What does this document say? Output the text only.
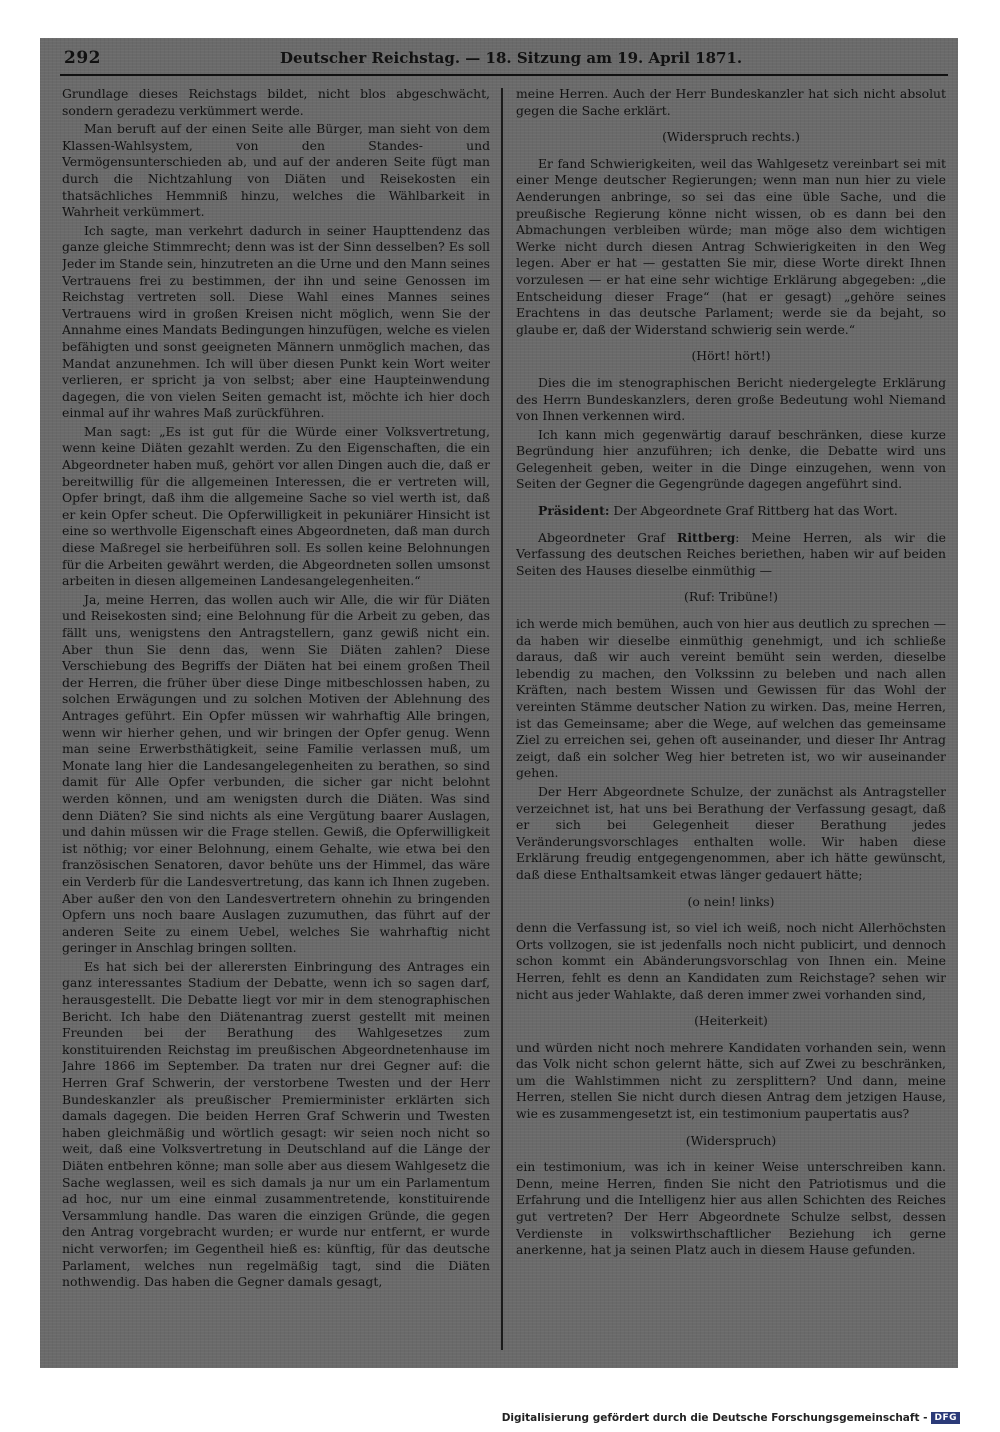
292	Deutscher Reichstag. — 18. Sitzung am 19. April 1871.

Grundlage dieses Reichstags bildet, nicht blos abgeschwächt, sondern geradezu verkümmert werde.

Man beruft auf der einen Seite alle Bürger, man sieht von dem Klassen-Wahlsystem, von den Standes- und Vermögensunterschieden ab, und auf der anderen Seite fügt man durch die Nichtzahlung von Diäten und Reisekosten ein thatsächliches Hemmniß hinzu, welches die Wählbarkeit in Wahrheit verkümmert.

Ich sagte, man verkehrt dadurch in seiner Haupttendenz das ganze gleiche Stimmrecht; denn was ist der Sinn desselben? Es soll Jeder im Stande sein, hinzutreten an die Urne und den Mann seines Vertrauens frei zu bestimmen, der ihn und seine Genossen im Reichstag vertreten soll. Diese Wahl eines Mannes seines Vertrauens wird in großen Kreisen nicht möglich, wenn Sie der Annahme eines Mandats Bedingungen hinzufügen, welche es vielen befähigten und sonst geeigneten Männern unmöglich machen, das Mandat anzunehmen. Ich will über diesen Punkt kein Wort weiter verlieren, er spricht ja von selbst; aber eine Haupteinwendung dagegen, die von vielen Seiten gemacht ist, möchte ich hier doch einmal auf ihr wahres Maß zurückführen.

Man sagt: „Es ist gut für die Würde einer Volksvertretung, wenn keine Diäten gezahlt werden. Zu den Eigenschaften, die ein Abgeordneter haben muß, gehört vor allen Dingen auch die, daß er bereitwillig für die allgemeinen Interessen, die er vertreten will, Opfer bringt, daß ihm die allgemeine Sache so viel werth ist, daß er kein Opfer scheut. Die Opferwilligkeit in pekuniärer Hinsicht ist eine so werthvolle Eigenschaft eines Abgeordneten, daß man durch diese Maßregel sie herbeiführen soll. Es sollen keine Belohnungen für die Arbeiten gewährt werden, die Abgeordneten sollen umsonst arbeiten in diesen allgemeinen Landesangelegenheiten.“

Ja, meine Herren, das wollen auch wir Alle, die wir für Diäten und Reisekosten sind; eine Belohnung für die Arbeit zu geben, das fällt uns, wenigstens den Antragstellern, ganz gewiß nicht ein. Aber thun Sie denn das, wenn Sie Diäten zahlen? Diese Verschiebung des Begriffs der Diäten hat bei einem großen Theil der Herren, die früher über diese Dinge mitbeschlossen haben, zu solchen Erwägungen und zu solchen Motiven der Ablehnung des Antrages geführt. Ein Opfer müssen wir wahrhaftig Alle bringen, wenn wir hierher gehen, und wir bringen der Opfer genug. Wenn man seine Erwerbsthätigkeit, seine Familie verlassen muß, um Monate lang hier die Landesangelegenheiten zu berathen, so sind damit für Alle Opfer verbunden, die sicher gar nicht belohnt werden können, und am wenigsten durch die Diäten. Was sind denn Diäten? Sie sind nichts als eine Vergütung baarer Auslagen, und dahin müssen wir die Frage stellen. Gewiß, die Opferwilligkeit ist nöthig; vor einer Belohnung, einem Gehalte, wie etwa bei den französischen Senatoren, davor behüte uns der Himmel, das wäre ein Verderb für die Landesvertretung, das kann ich Ihnen zugeben. Aber außer den von den Landesvertretern ohnehin zu bringenden Opfern uns noch baare Auslagen zuzumuthen, das führt auf der anderen Seite zu einem Uebel, welches Sie wahrhaftig nicht geringer in Anschlag bringen sollten.

Es hat sich bei der allerersten Einbringung des Antrages ein ganz interessantes Stadium der Debatte, wenn ich so sagen darf, herausgestellt. Die Debatte liegt vor mir in dem stenographischen Bericht. Ich habe den Diätenantrag zuerst gestellt mit meinen Freunden bei der Berathung des Wahlgesetzes zum konstituirenden Reichstag im preußischen Abgeordnetenhause im Jahre 1866 im September. Da traten nur drei Gegner auf: die Herren Graf Schwerin, der verstorbene Twesten und der Herr Bundeskanzler als preußischer Premierminister erklärten sich damals dagegen. Die beiden Herren Graf Schwerin und Twesten haben gleichmäßig und wörtlich gesagt: wir seien noch nicht so weit, daß eine Volksvertretung in Deutschland auf die Länge der Diäten entbehren könne; man solle aber aus diesem Wahlgesetz die Sache weglassen, weil es sich damals ja nur um ein Parlamentum ad hoc, nur um eine einmal zusammentretende, konstituirende Versammlung handle. Das waren die einzigen Gründe, die gegen den Antrag vorgebracht wurden; er wurde nur entfernt, er wurde nicht verworfen; im Gegentheil hieß es: künftig, für das deutsche Parlament, welches nun regelmäßig tagt, sind die Diäten nothwendig. Das haben die Gegner damals gesagt,

meine Herren. Auch der Herr Bundeskanzler hat sich nicht absolut gegen die Sache erklärt.

(Widerspruch rechts.)

Er fand Schwierigkeiten, weil das Wahlgesetz vereinbart sei mit einer Menge deutscher Regierungen; wenn man nun hier zu viele Aenderungen anbringe, so sei das eine üble Sache, und die preußische Regierung könne nicht wissen, ob es dann bei den Abmachungen verbleiben würde; man möge also dem wichtigen Werke nicht durch diesen Antrag Schwierigkeiten in den Weg legen. Aber er hat — gestatten Sie mir, diese Worte direkt Ihnen vorzulesen — er hat eine sehr wichtige Erklärung abgegeben: „die Entscheidung dieser Frage“ (hat er gesagt) „gehöre seines Erachtens in das deutsche Parlament; werde sie da bejaht, so glaube er, daß der Widerstand schwierig sein werde.“

(Hört! hört!)

Dies die im stenographischen Bericht niedergelegte Erklärung des Herrn Bundeskanzlers, deren große Bedeutung wohl Niemand von Ihnen verkennen wird.

Ich kann mich gegenwärtig darauf beschränken, diese kurze Begründung hier anzuführen; ich denke, die Debatte wird uns Gelegenheit geben, weiter in die Dinge einzugehen, wenn von Seiten der Gegner die Gegengründe dagegen angeführt sind.

Präsident: Der Abgeordnete Graf Rittberg hat das Wort.

Abgeordneter Graf Rittberg: Meine Herren, als wir die Verfassung des deutschen Reiches beriethen, haben wir auf beiden Seiten des Hauses dieselbe einmüthig —

(Ruf: Tribüne!)

ich werde mich bemühen, auch von hier aus deutlich zu sprechen — da haben wir dieselbe einmüthig genehmigt, und ich schließe daraus, daß wir auch vereint bemüht sein werden, dieselbe lebendig zu machen, den Volkssinn zu beleben und nach allen Kräften, nach bestem Wissen und Gewissen für das Wohl der vereinten Stämme deutscher Nation zu wirken. Das, meine Herren, ist das Gemeinsame; aber die Wege, auf welchen das gemeinsame Ziel zu erreichen sei, gehen oft auseinander, und dieser Ihr Antrag zeigt, daß ein solcher Weg hier betreten ist, wo wir auseinander gehen.

Der Herr Abgeordnete Schulze, der zunächst als Antragsteller verzeichnet ist, hat uns bei Berathung der Verfassung gesagt, daß er sich bei Gelegenheit dieser Berathung jedes Veränderungsvorschlages enthalten wolle. Wir haben diese Erklärung freudig entgegengenommen, aber ich hätte gewünscht, daß diese Enthaltsamkeit etwas länger gedauert hätte;

(o nein! links)

denn die Verfassung ist, so viel ich weiß, noch nicht Allerhöchsten Orts vollzogen, sie ist jedenfalls noch nicht publicirt, und dennoch schon kommt ein Abänderungsvorschlag von Ihnen ein. Meine Herren, fehlt es denn an Kandidaten zum Reichstage? sehen wir nicht aus jeder Wahlakte, daß deren immer zwei vorhanden sind,

(Heiterkeit)

und würden nicht noch mehrere Kandidaten vorhanden sein, wenn das Volk nicht schon gelernt hätte, sich auf Zwei zu beschränken, um die Wahlstimmen nicht zu zersplittern? Und dann, meine Herren, stellen Sie nicht durch diesen Antrag dem jetzigen Hause, wie es zusammengesetzt ist, ein testimonium paupertatis aus?

(Widerspruch)

ein testimonium, was ich in keiner Weise unterschreiben kann. Denn, meine Herren, finden Sie nicht den Patriotismus und die Erfahrung und die Intelligenz hier aus allen Schichten des Reiches gut vertreten? Der Herr Abgeordnete Schulze selbst, dessen Verdienste in volkswirthschaftlicher Beziehung ich gerne anerkenne, hat ja seinen Platz auch in diesem Hause gefunden.

Digitalisierung gefördert durch die Deutsche Forschungsgemeinschaft - DFG
